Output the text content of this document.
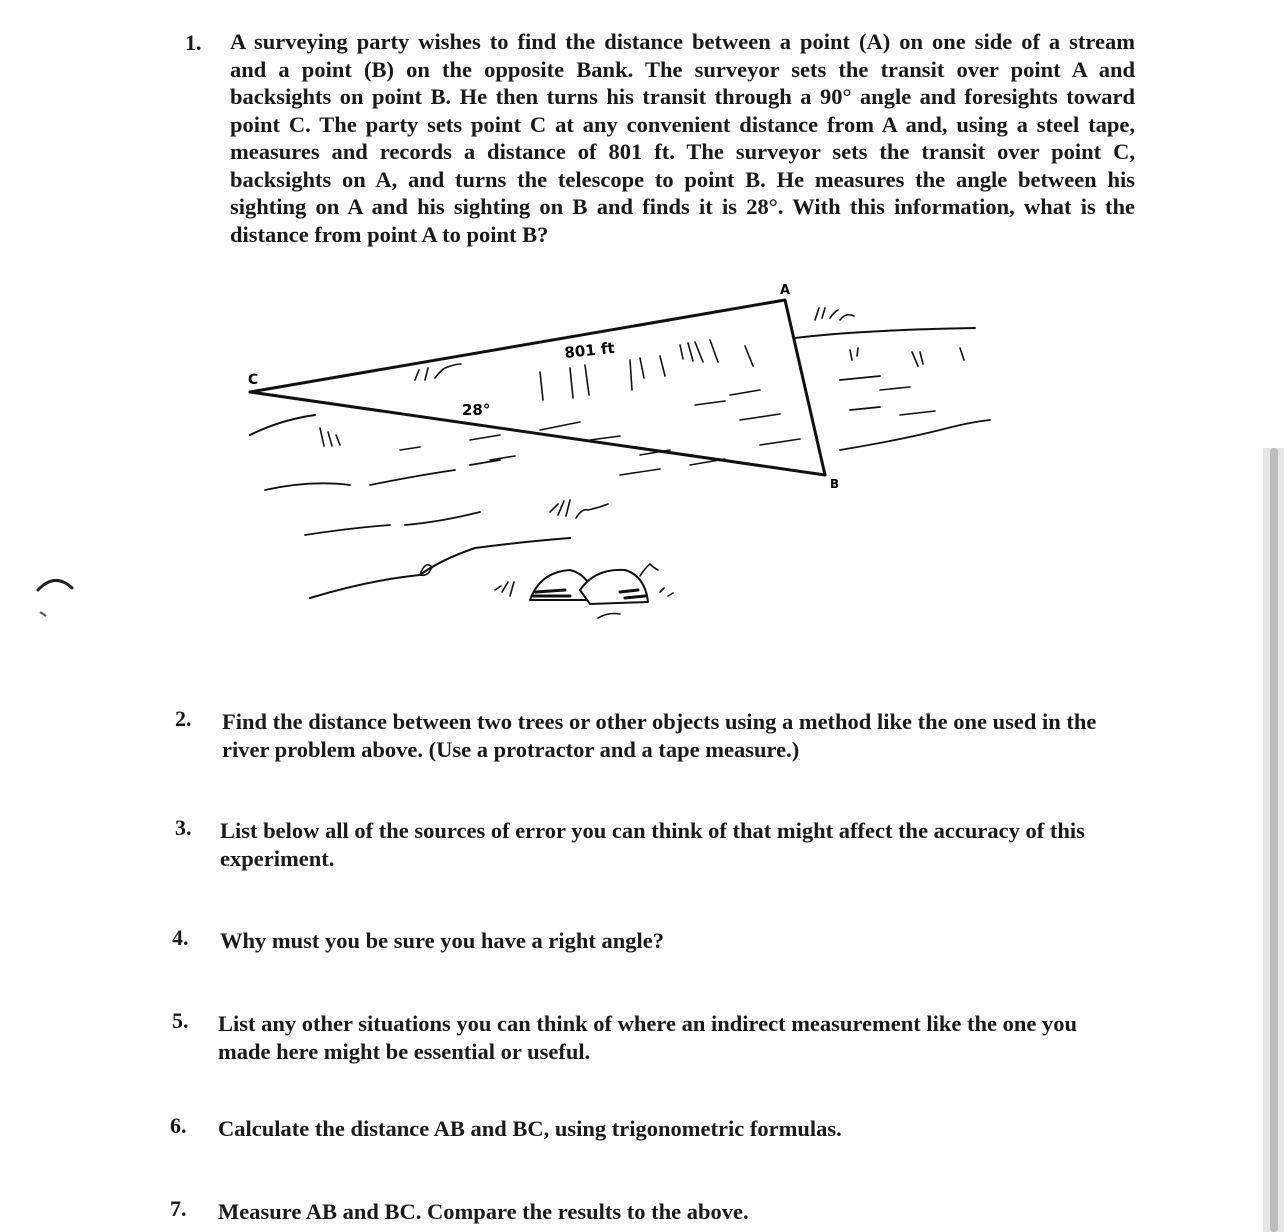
1. A surveying party wishes to find the distance between a point (A) on one side of a stream
and a point (B) on the opposite Bank. The surveyor sets the transit over point A and
backsights on point B. He then turns his transit through a 90° angle and foresights toward
point C. The party sets point C at any convenient distance from A and, using a steel tape,
measures and records a distance of 801 ft. The surveyor sets the transit over point C,
backsights on A, and turns the telescope to point B. He measures the angle between his
sighting on A and his sighting on B and finds it is 28°. With this information, what is the
distance from point A to point B?
A
B
C
801 ft
28°
2. Find the distance between two trees or other objects using a method like the one used in the river problem above. (Use a protractor and a tape measure.)
3. List below all of the sources of error you can think of that might affect the accuracy of this experiment.
4. Why must you be sure you have a right angle?
5. List any other situations you can think of where an indirect measurement like the one you made here might be essential or useful.
6. Calculate the distance AB and BC, using trigonometric formulas.
7. Measure AB and BC. Compare the results to the above.
